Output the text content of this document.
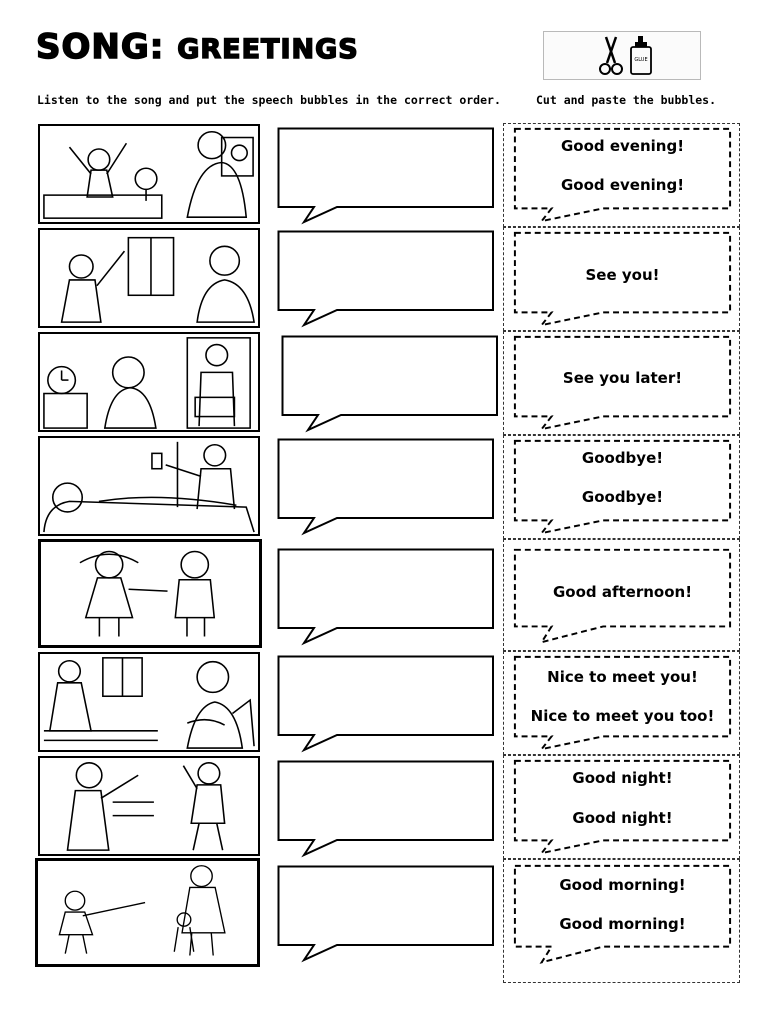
SONG: GREETINGS	GLUE
Listen to the song and put the speech bubbles in the correct order.	Cut and paste the bubbles.
Good evening!
Good evening!
See you!
See you later!
Goodbye!
Goodbye!
Good afternoon!
Nice to meet you!
Nice to meet you too!
Good night!
Good night!
Good morning!
Good morning!
